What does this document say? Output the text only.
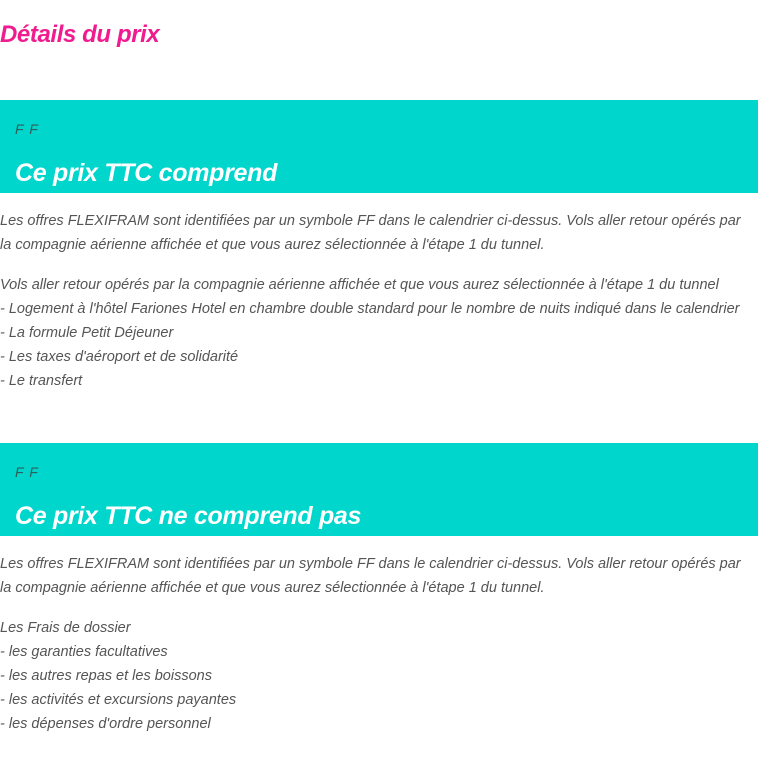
Détails du prix
F F
Ce prix TTC comprend

Les offres FLEXIFRAM sont identifiées par un symbole FF dans le calendrier ci-dessus. Vols aller retour opérés par la compagnie aérienne affichée et que vous aurez sélectionnée à l'étape 1 du tunnel.

Vols aller retour opérés par la compagnie aérienne affichée et que vous aurez sélectionnée à l'étape 1 du tunnel

- Logement à l'hôtel Fariones Hotel en chambre double standard pour le nombre de nuits indiqué dans le calendrier
- La formule Petit Déjeuner
- Les taxes d'aéroport et de solidarité
- Le transfert
F F
Ce prix TTC ne comprend pas

Les offres FLEXIFRAM sont identifiées par un symbole FF dans le calendrier ci-dessus. Vols aller retour opérés par la compagnie aérienne affichée et que vous aurez sélectionnée à l'étape 1 du tunnel.

Les Frais de dossier

- les garanties facultatives
- les autres repas et les boissons
- les activités et excursions payantes
- les dépenses d'ordre personnel
